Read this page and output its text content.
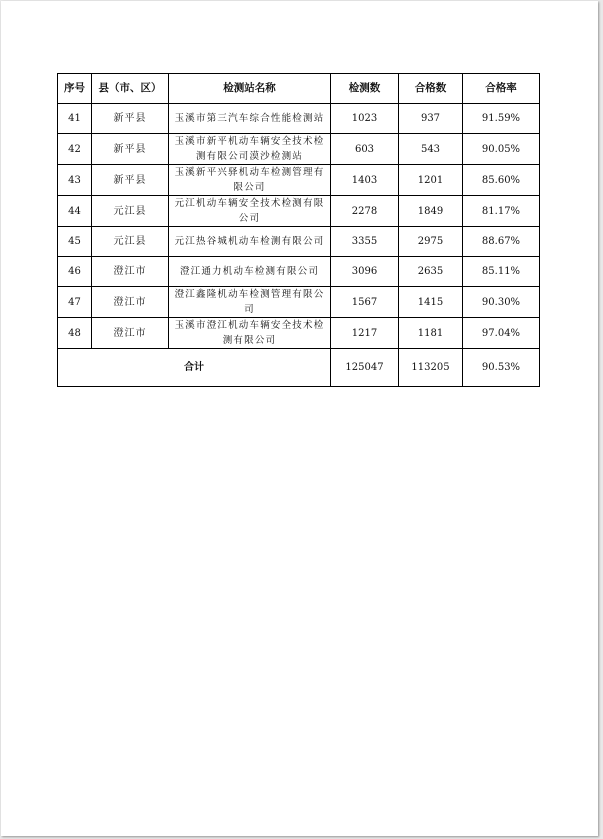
序号	县（市、区）	检测站名称	检测数	合格数	合格率
41	新平县	玉溪市第三汽车综合性能检测站	1023	937	91.59%
42	新平县	玉溪市新平机动车辆安全技术检测有限公司漠沙检测站	603	543	90.05%
43	新平县	玉溪新平兴驿机动车检测管理有限公司	1403	1201	85.60%
44	元江县	元江机动车辆安全技术检测有限公司	2278	1849	81.17%
45	元江县	元江热谷城机动车检测有限公司	3355	2975	88.67%
46	澄江市	澄江通力机动车检测有限公司	3096	2635	85.11%
47	澄江市	澄江鑫隆机动车检测管理有限公司	1567	1415	90.30%
48	澄江市	玉溪市澄江机动车辆安全技术检测有限公司	1217	1181	97.04%
合计			125047	113205	90.53%
